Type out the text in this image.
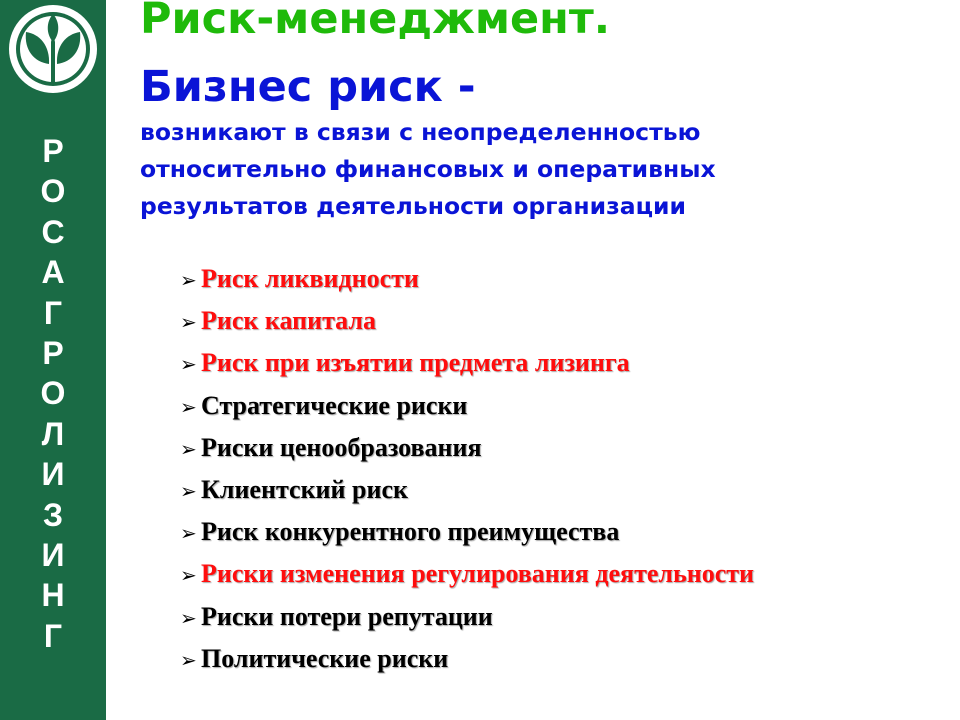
Р
О
С
А
Г
Р
О
Л
И
З
И
Н
Г
Риск-менеджмент.
Бизнес риск -

возникают в связи с неопределенностью
относительно финансовых и оперативных
результатов деятельности организации

➢ Риск ликвидности
➢ Риск капитала
➢ Риск при изъятии предмета лизинга
➢ Стратегические риски
➢ Риски ценообразования
➢ Клиентский риск
➢ Риск конкурентного преимущества
➢ Риски изменения регулирования деятельности
➢ Риски потери репутации
➢ Политические риски
